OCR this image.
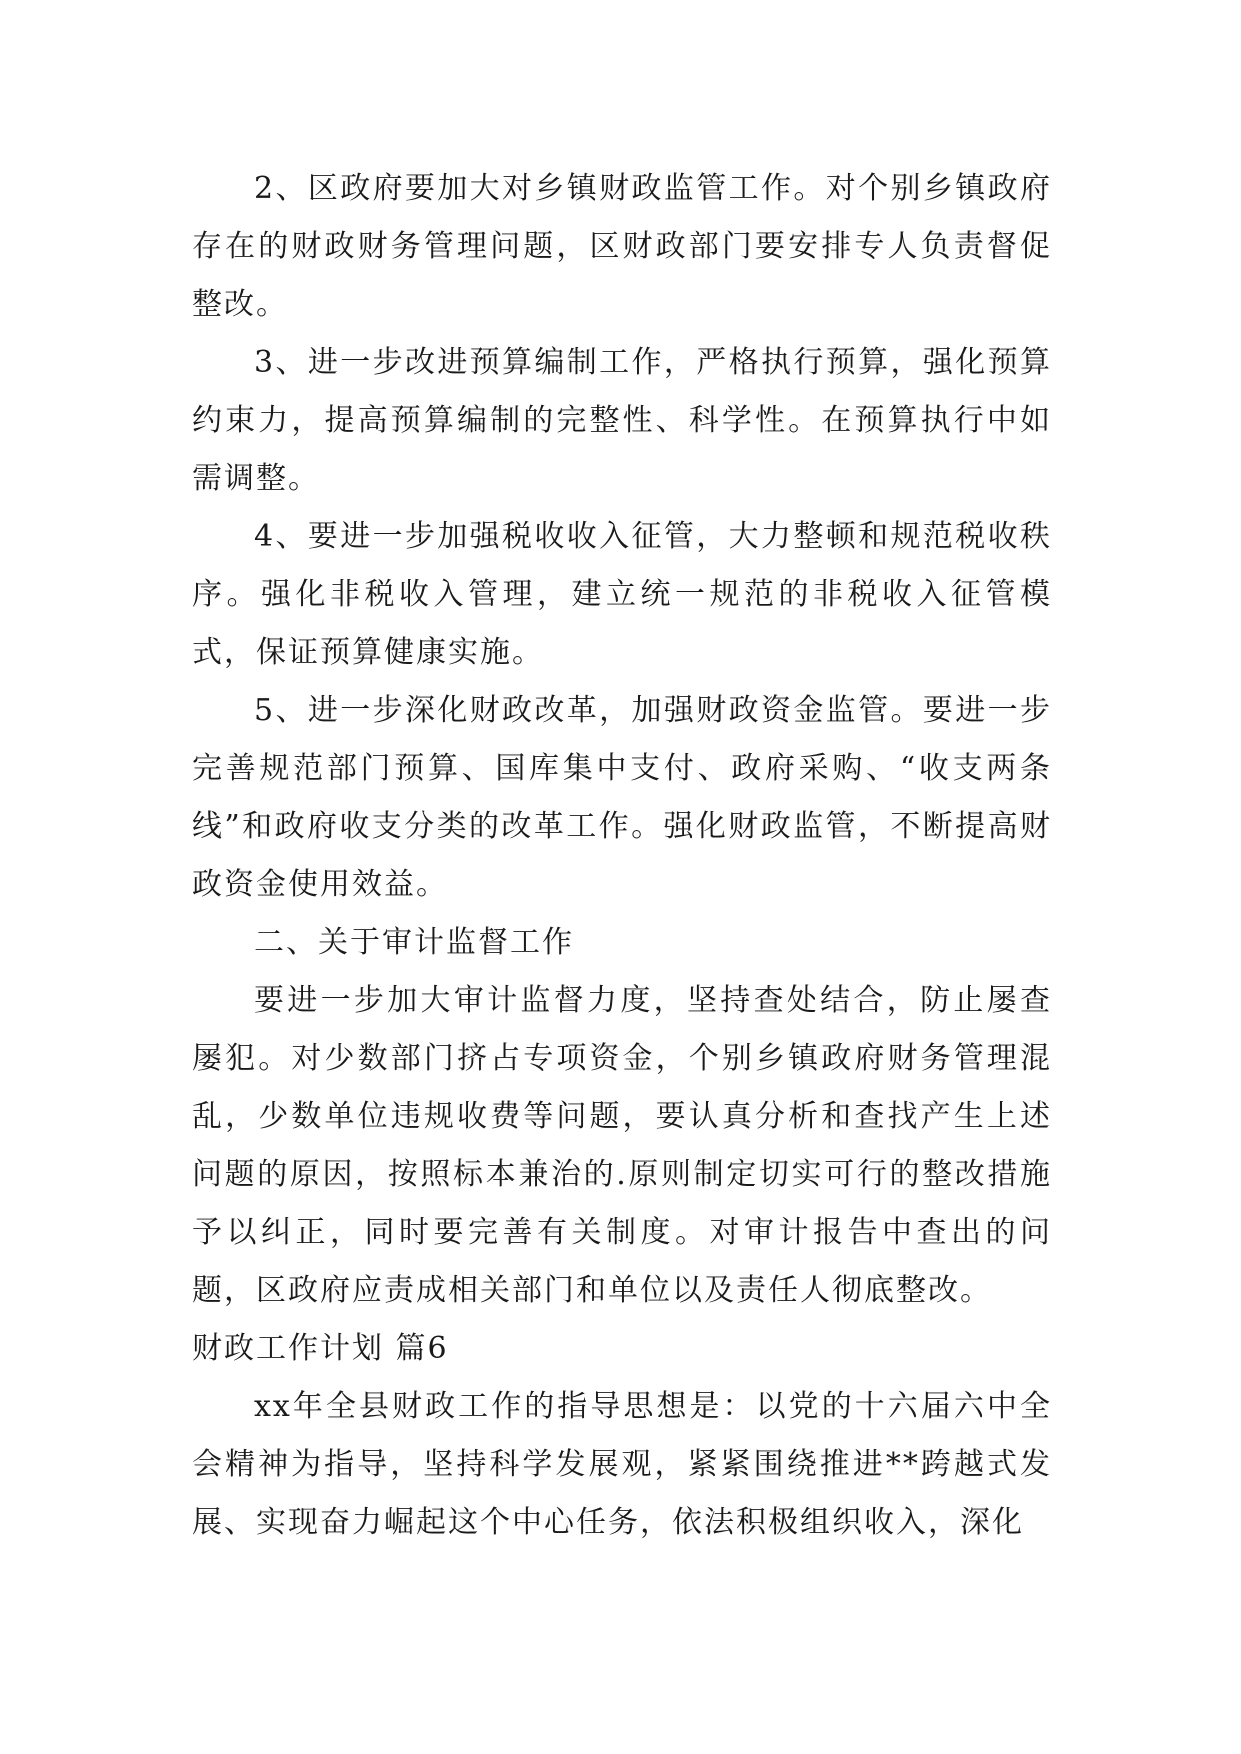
2、区政府要加大对乡镇财政监管工作。对个别乡镇政府存在的财政财务管理问题，区财政部门要安排专人负责督促整改。

3、进一步改进预算编制工作，严格执行预算，强化预算约束力，提高预算编制的完整性、科学性。在预算执行中如需调整。

4、要进一步加强税收收入征管，大力整顿和规范税收秩序。强化非税收入管理，建立统一规范的非税收入征管模式，保证预算健康实施。

5、进一步深化财政改革，加强财政资金监管。要进一步完善规范部门预算、国库集中支付、政府采购、“收支两条线”和政府收支分类的改革工作。强化财政监管，不断提高财政资金使用效益。

二、关于审计监督工作

要进一步加大审计监督力度，坚持查处结合，防止屡查屡犯。对少数部门挤占专项资金，个别乡镇政府财务管理混乱，少数单位违规收费等问题，要认真分析和查找产生上述问题的原因，按照标本兼治的.原则制定切实可行的整改措施予以纠正，同时要完善有关制度。对审计报告中查出的问题，区政府应责成相关部门和单位以及责任人彻底整改。

财政工作计划 篇6

xx年全县财政工作的指导思想是：以党的十六届六中全会精神为指导，坚持科学发展观，紧紧围绕推进**跨越式发展、实现奋力崛起这个中心任务，依法积极组织收入，深化
